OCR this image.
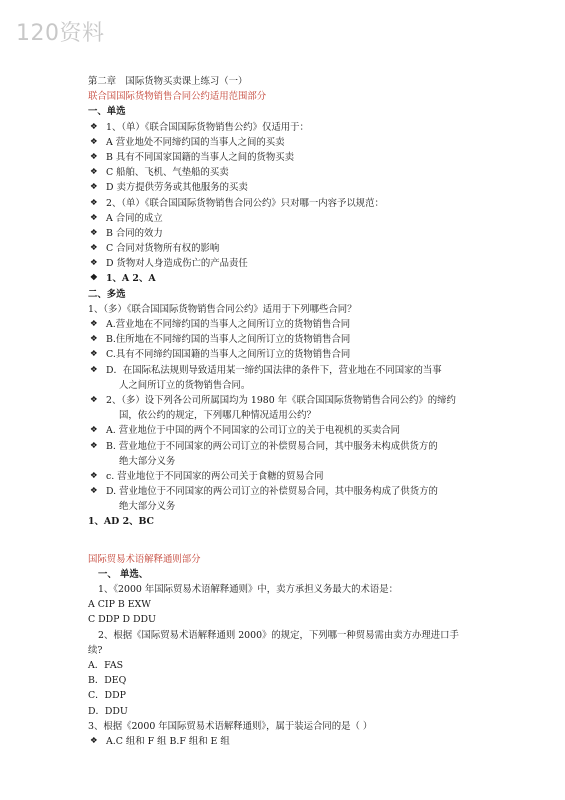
120资料
第二章　国际货物买卖课上练习（一）
联合国国际货物销售合同公约适用范围部分
一、单选
❖ 1、（单）《联合国国际货物销售公约》仅适用于：
❖ A 营业地处不同缔约国的当事人之间的买卖
❖ B 具有不同国家国籍的当事人之间的货物买卖
❖ C 船舶、飞机、气垫船的买卖
❖ D 卖方提供劳务或其他服务的买卖
❖ 2、（单）《联合国国际货物销售合同公约》只对哪一内容予以规范：
❖ A 合同的成立
❖ B 合同的效力
❖ C 合同对货物所有权的影响
❖ D 货物对人身造成伤亡的产品责任
❖ 1、A 2、A
二、多选
1、（多）《联合国国际货物销售合同公约》适用于下列哪些合同？
❖ A.营业地在不同缔约国的当事人之间所订立的货物销售合同
❖ B.住所地在不同缔约国的当事人之间所订立的货物销售合同
❖ C.具有不同缔约国国籍的当事人之间所订立的货物销售合同
❖ D．在国际私法规则导致适用某一缔约国法律的条件下，营业地在不同国家的当事
人之间所订立的货物销售合同。
❖ 2、（多）设下列各公司所属国均为 1980 年《联合国国际货物销售合同公约》的缔约
国，依公约的规定，下列哪几种情况适用公约？
❖ A. 营业地位于中国的两个不同国家的公司订立的关于电视机的买卖合同
❖ B. 营业地位于不同国家的两公司订立的补偿贸易合同，其中服务未构成供货方的
绝大部分义务
❖ c. 营业地位于不同国家的两公司关于食糖的贸易合同
❖ D. 营业地位于不同国家的两公司订立的补偿贸易合同，其中服务构成了供货方的
绝大部分义务
1、AD 2、BC
国际贸易术语解释通则部分
一、 单选、
1、《2000 年国际贸易术语解释通则》中，卖方承担义务最大的术语是：
A CIP B EXW
C DDP D DDU
2、根据《国际贸易术语解释通则 2000》的规定，下列哪一种贸易需由卖方办理进口手
续?
A．FAS
B．DEQ
C．DDP
D．DDU
3、根据《2000 年国际贸易术语解释通则》，属于装运合同的是（ ）
❖ A.C 组和 F 组 B.F 组和 E 组
